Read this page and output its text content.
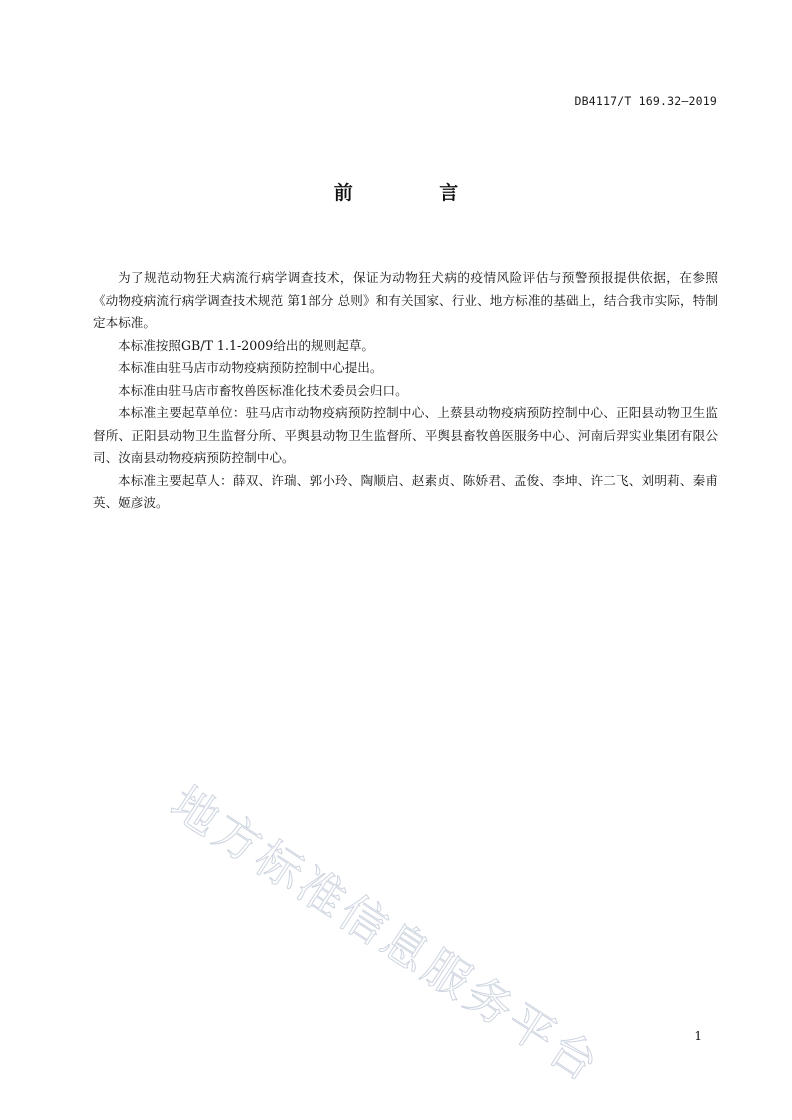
DB4117/T 169.32—2019
前 言

为了规范动物狂犬病流行病学调查技术，保证为动物狂犬病的疫情风险评估与预警预报提供依据，在参照《动物疫病流行病学调查技术规范 第1部分 总则》和有关国家、行业、地方标准的基础上，结合我市实际，特制定本标准。

本标准按照GB/T 1.1-2009给出的规则起草。

本标准由驻马店市动物疫病预防控制中心提出。

本标准由驻马店市畜牧兽医标准化技术委员会归口。

本标准主要起草单位：驻马店市动物疫病预防控制中心、上蔡县动物疫病预防控制中心、正阳县动物卫生监督所、正阳县动物卫生监督分所、平舆县动物卫生监督所、平舆县畜牧兽医服务中心、河南后羿实业集团有限公司、汝南县动物疫病预防控制中心。

本标准主要起草人：薛双、许瑞、郭小玲、陶顺启、赵素贞、陈娇君、孟俊、李坤、许二飞、刘明莉、秦甫英、姬彦波。

地方标准信息服务平台	1
